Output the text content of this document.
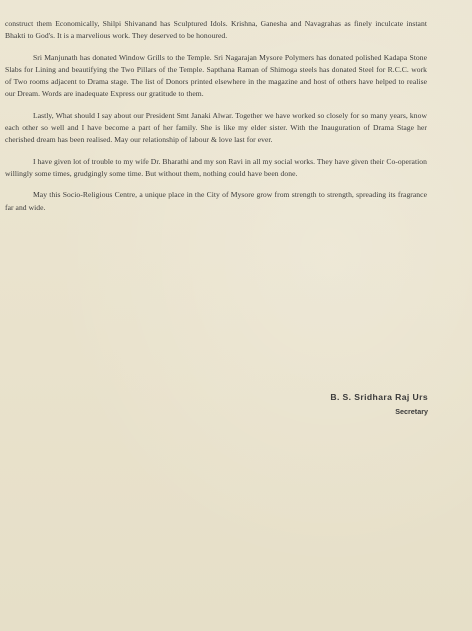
construct them Economically, Shilpi Shivanand has Sculptured Idols. Krishna, Ganesha and Navagrahas as finely inculcate instant Bhakti to God's. It is a marvelious work. They deserved to be honoured.

Sri Manjunath has donated Window Grills to the Temple. Sri Nagarajan Mysore Polymers has donated polished Kadapa Stone Slabs for Lining and beautifying the Two Pillars of the Temple. Sapthana Raman of Shimoga steels has donated Steel for R.C.C. work of Two rooms adjacent to Drama stage. The list of Donors printed elsewhere in the magazine and host of others have helped to realise our Dream. Words are inadequate Express our gratitude to them.

Lastly, What should I say about our President Smt Janaki Alwar. Together we have worked so closely for so many years, know each other so well and I have become a part of her family. She is like my elder sister. With the Inauguration of Drama Stage her cherished dream has been realised. May our relationship of labour & love last for ever.

I have given lot of trouble to my wife Dr. Bharathi and my son Ravi in all my social works. They have given their Co-operation willingly some times, grudgingly some time. But without them, nothing could have been done.

May this Socio-Religious Centre, a unique place in the City of Mysore grow from strength to strength, spreading its fragrance far and wide.

B. S. Sridhara Raj Urs
Secretary
